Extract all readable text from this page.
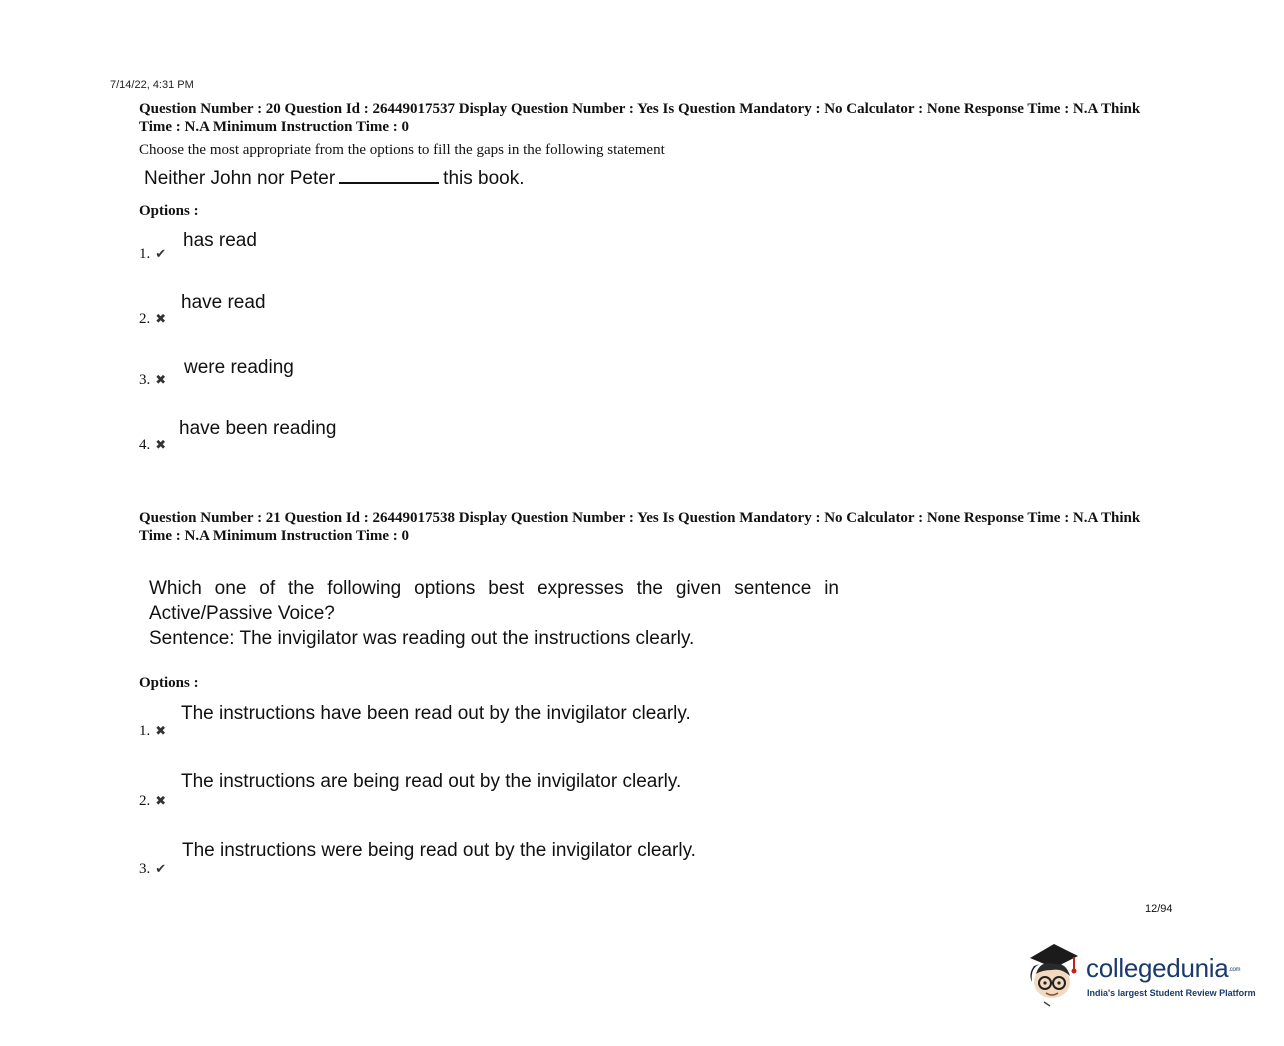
7/14/22, 4:31 PM
Question Number : 20 Question Id : 26449017537 Display Question Number : Yes Is Question Mandatory : No Calculator : None Response Time : N.A Think Time : N.A Minimum Instruction Time : 0
Choose the most appropriate from the options to fill the gaps in the following statement
Neither John nor Peter	this book.
Options :
has read
1. ✔
have read
2. ✖
were reading
3. ✖
have been reading
4. ✖
Question Number : 21 Question Id : 26449017538 Display Question Number : Yes Is Question Mandatory : No Calculator : None Response Time : N.A Think Time : N.A Minimum Instruction Time : 0

Which one of the following options best expresses the given sentence in

Active/Passive Voice?

Sentence: The invigilator was reading out the instructions clearly.

Options :
The instructions have been read out by the invigilator clearly.
1. ✖
The instructions are being read out by the invigilator clearly.
2. ✖
The instructions were being read out by the invigilator clearly.
3. ✔
12/94
collegedunia.com
India's largest Student Review Platform
